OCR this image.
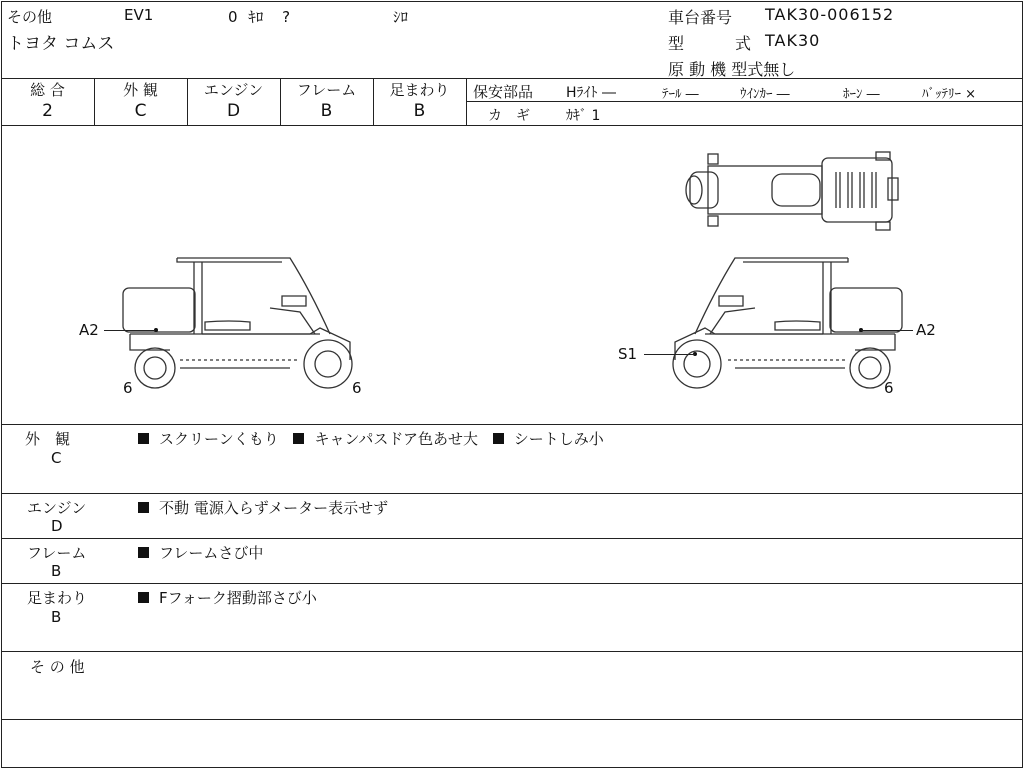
その他	EV1	0 ｷﾛ ?	ｼﾛ
トヨタ コムス
車台番号 TAK30-006152
型	式 TAK30
原 動 機 型式無し
総 合
2
外 観
C
エンジン
D
フレーム
B
足まわり
B
保安部品 Hﾗｲﾄ ―	ﾃｰﾙ ―	ｳｲﾝｶｰ ―	ﾎｰﾝ ―	ﾊﾞｯﾃﾘｰ ×
カ　ギ	ｶｷﾞ 1
A2
6	6
A2
S1
6
外　観
C
スクリーンくもり キャンパスドア色あせ大 シートしみ小
エンジン
D
不動 電源入らずメーター表示せず
フレーム
B
フレームさび中
足まわり
B
Fフォーク摺動部さび小
そ の 他
